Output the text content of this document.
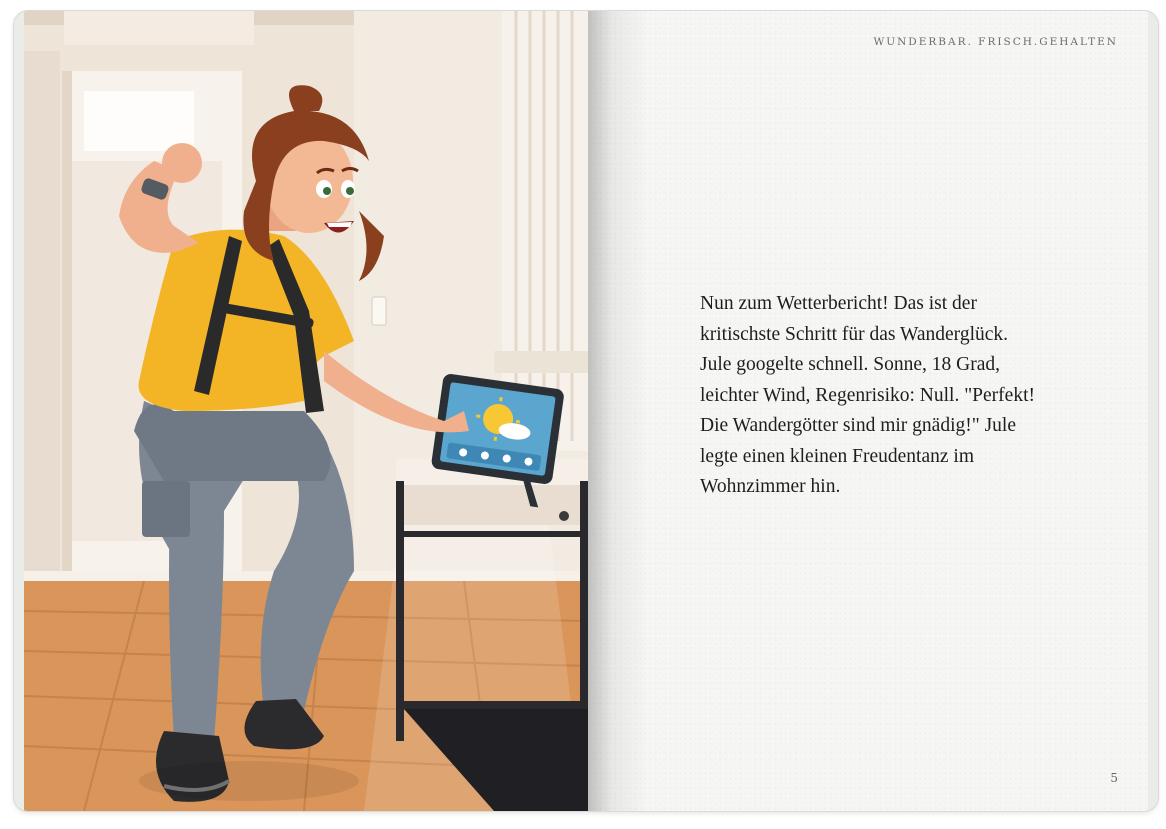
WUNDERBAR. FRISCH.GEHALTEN

Nun zum Wetterbericht! Das ist der kritischste Schritt für das Wanderglück. Jule googelte schnell. Sonne, 18 Grad, leichter Wind, Regenrisiko: Null. "Perfekt! Die Wandergötter sind mir gnädig!" Jule legte einen kleinen Freudentanz im Wohnzimmer hin.

5
